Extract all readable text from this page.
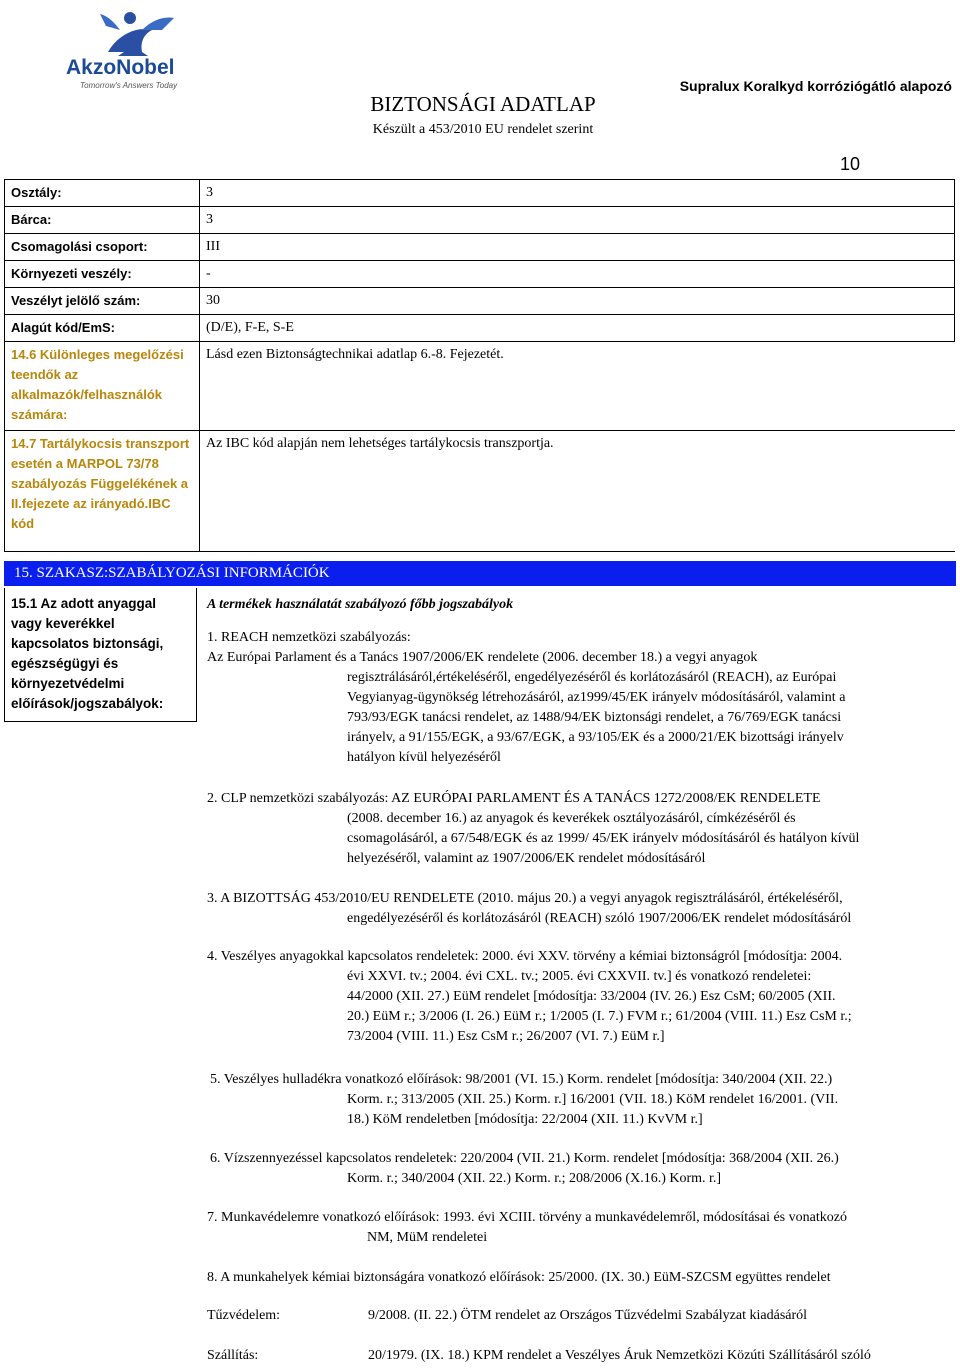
AkzoNobel
Tomorrow's Answers Today
BIZTONSÁGI ADATLAP
Készült a 453/2010 EU rendelet szerint
Supralux Koralkyd korróziógátló alapozó
10
Osztály:	3
Bárca:	3
Csomagolási csoport:	III
Környezeti veszély:	-
Veszélyt jelölő szám:	30
Alagút kód/EmS:	(D/E), F-E, S-E
14.6 Különleges megelőzési teendők az alkalmazók/felhasználók számára:	Lásd ezen Biztonságtechnikai adatlap 6.-8. Fejezetét.
14.7 Tartálykocsis transzport esetén a MARPOL 73/78 szabályozás Függelékének a II.fejezete az irányadó.IBC kód	Az IBC kód alapján nem lehetséges tartálykocsis transzportja.
15. SZAKASZ:SZABÁLYOZÁSI INFORMÁCIÓK
15.1 Az adott anyaggal vagy keverékkel kapcsolatos biztonsági, egészségügyi és környezetvédelmi előírások/jogszabályok:
A termékek használatát szabályozó főbb jogszabályok
1. REACH nemzetközi szabályozás:
Az Európai Parlament és a Tanács 1907/2006/EK rendelete (2006. december 18.) a vegyi anyagok
regisztrálásáról,értékeléséről, engedélyezéséről és korlátozásáról (REACH), az Európai
Vegyianyag-ügynökség létrehozásáról, az1999/45/EK irányelv módosításáról, valamint a
793/93/EGK tanácsi rendelet, az 1488/94/EK biztonsági rendelet, a 76/769/EGK tanácsi
irányelv, a 91/155/EGK, a 93/67/EGK, a 93/105/EK és a 2000/21/EK bizottsági irányelv
hatályon kívül helyezéséről
2. CLP nemzetközi szabályozás: AZ EURÓPAI PARLAMENT ÉS A TANÁCS 1272/2008/EK RENDELETE
(2008. december 16.) az anyagok és keverékek osztályozásáról, címkézéséről és
csomagolásáról, a 67/548/EGK és az 1999/ 45/EK irányelv módosításáról és hatályon kívül
helyezéséről, valamint az 1907/2006/EK rendelet módosításáról
3. A BIZOTTSÁG 453/2010/EU RENDELETE (2010. május 20.) a vegyi anyagok regisztrálásáról, értékeléséről,
engedélyezéséről és korlátozásáról (REACH) szóló 1907/2006/EK rendelet módosításáról
4. Veszélyes anyagokkal kapcsolatos rendeletek: 2000. évi XXV. törvény a kémiai biztonságról [módosítja: 2004.
évi XXVI. tv.; 2004. évi CXL. tv.; 2005. évi CXXVII. tv.] és vonatkozó rendeletei:
44/2000 (XII. 27.) EüM rendelet [módosítja: 33/2004 (IV. 26.) Esz CsM; 60/2005 (XII.
20.) EüM r.; 3/2006 (I. 26.) EüM r.; 1/2005 (I. 7.) FVM r.; 61/2004 (VIII. 11.) Esz CsM r.;
73/2004 (VIII. 11.) Esz CsM r.; 26/2007 (VI. 7.) EüM r.]
5. Veszélyes hulladékra vonatkozó előírások: 98/2001 (VI. 15.) Korm. rendelet [módosítja: 340/2004 (XII. 22.)
Korm. r.; 313/2005 (XII. 25.) Korm. r.] 16/2001 (VII. 18.) KöM rendelet 16/2001. (VII.
18.) KöM rendeletben [módosítja: 22/2004 (XII. 11.) KvVM r.]
6. Vízszennyezéssel kapcsolatos rendeletek: 220/2004 (VII. 21.) Korm. rendelet [módosítja: 368/2004 (XII. 26.)
Korm. r.; 340/2004 (XII. 22.) Korm. r.; 208/2006 (X.16.) Korm. r.]
7. Munkavédelemre vonatkozó előírások: 1993. évi XCIII. törvény a munkavédelemről, módosításai és vonatkozó
NM, MüM rendeletei
8. A munkahelyek kémiai biztonságára vonatkozó előírások: 25/2000. (IX. 30.) EüM-SZCSM együttes rendelet
Tűzvédelem:	9/2008. (II. 22.) ÖTM rendelet az Országos Tűzvédelmi Szabályzat kiadásáról
Szállítás:	20/1979. (IX. 18.) KPM rendelet a Veszélyes Áruk Nemzetközi Közúti Szállításáról szóló
